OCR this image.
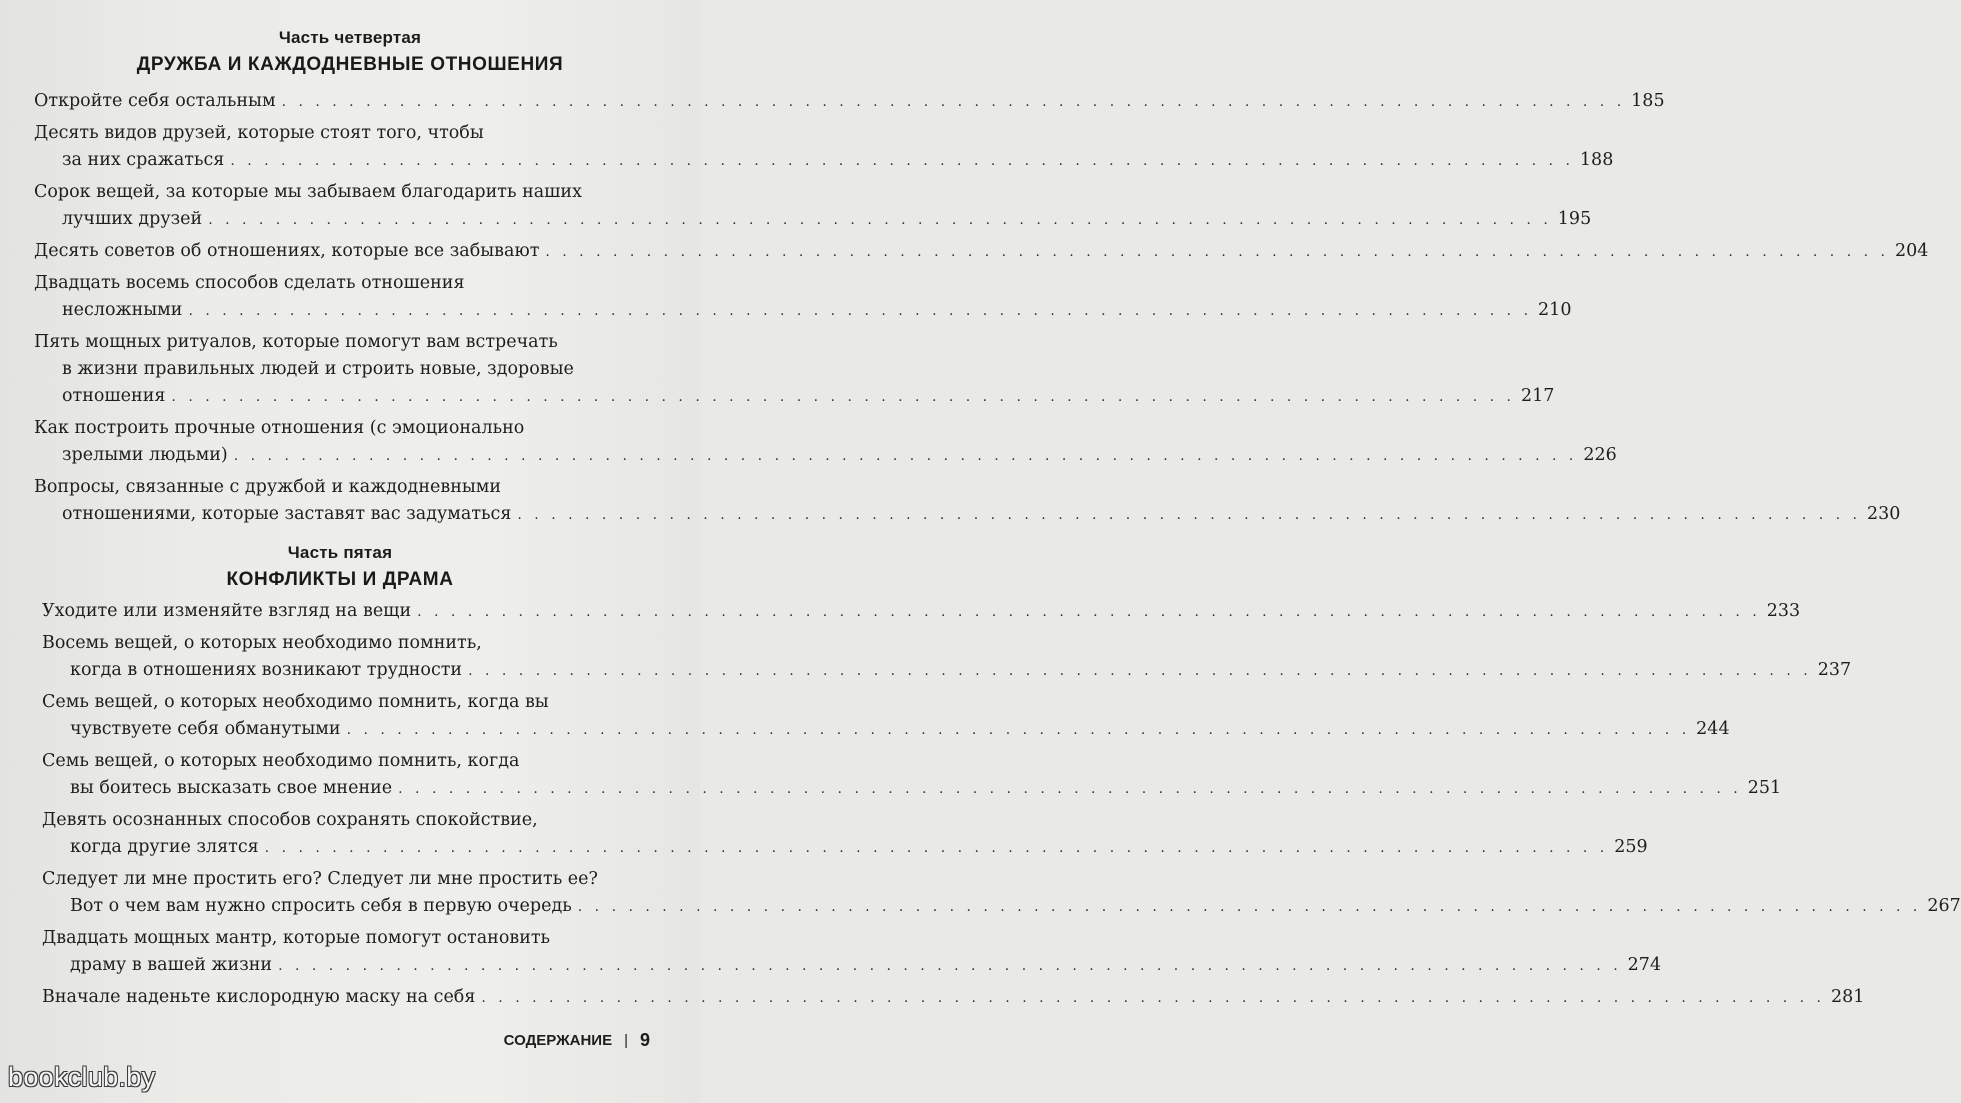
Часть четвертая
ДРУЖБА И КАЖДОДНЕВНЫЕ ОТНОШЕНИЯ
Откройте себя остальным . . . . . . . . . . . . . . . . . . . . . . . . . . . . . . . . . . . . . . . . . . . . . . . . . . . . . . . . . . . . . . . . . . . . . . . . . . . . . . . . 185
Десять видов друзей, которые стоят того, чтобы
за них сражаться . . . . . . . . . . . . . . . . . . . . . . . . . . . . . . . . . . . . . . . . . . . . . . . . . . . . . . . . . . . . . . . . . . . . . . . . . . . . . . . . 188
Сорок вещей, за которые мы забываем благодарить наших
лучших друзей . . . . . . . . . . . . . . . . . . . . . . . . . . . . . . . . . . . . . . . . . . . . . . . . . . . . . . . . . . . . . . . . . . . . . . . . . . . . . . . . 195
Десять советов об отношениях, которые все забывают . . . . . . . . . . . . . . . . . . . . . . . . . . . . . . . . . . . . . . . . . . . . . . . . . . . . . . . . . . . . . . . . . . . . . . . . . . . . . . . . 204
Двадцать восемь способов сделать отношения
несложными . . . . . . . . . . . . . . . . . . . . . . . . . . . . . . . . . . . . . . . . . . . . . . . . . . . . . . . . . . . . . . . . . . . . . . . . . . . . . . . . 210
Пять мощных ритуалов, которые помогут вам встречать
в жизни правильных людей и строить новые, здоровые
отношения . . . . . . . . . . . . . . . . . . . . . . . . . . . . . . . . . . . . . . . . . . . . . . . . . . . . . . . . . . . . . . . . . . . . . . . . . . . . . . . . 217
Как построить прочные отношения (с эмоционально
зрелыми людьми) . . . . . . . . . . . . . . . . . . . . . . . . . . . . . . . . . . . . . . . . . . . . . . . . . . . . . . . . . . . . . . . . . . . . . . . . . . . . . . . . 226
Вопросы, связанные с дружбой и каждодневными
отношениями, которые заставят вас задуматься . . . . . . . . . . . . . . . . . . . . . . . . . . . . . . . . . . . . . . . . . . . . . . . . . . . . . . . . . . . . . . . . . . . . . . . . . . . . . . . . 230
Часть пятая
КОНФЛИКТЫ И ДРАМА
Уходите или изменяйте взгляд на вещи . . . . . . . . . . . . . . . . . . . . . . . . . . . . . . . . . . . . . . . . . . . . . . . . . . . . . . . . . . . . . . . . . . . . . . . . . . . . . . . . 233
Восемь вещей, о которых необходимо помнить,
когда в отношениях возникают трудности . . . . . . . . . . . . . . . . . . . . . . . . . . . . . . . . . . . . . . . . . . . . . . . . . . . . . . . . . . . . . . . . . . . . . . . . . . . . . . . . 237
Семь вещей, о которых необходимо помнить, когда вы
чувствуете себя обманутыми . . . . . . . . . . . . . . . . . . . . . . . . . . . . . . . . . . . . . . . . . . . . . . . . . . . . . . . . . . . . . . . . . . . . . . . . . . . . . . . . 244
Семь вещей, о которых необходимо помнить, когда
вы боитесь высказать свое мнение . . . . . . . . . . . . . . . . . . . . . . . . . . . . . . . . . . . . . . . . . . . . . . . . . . . . . . . . . . . . . . . . . . . . . . . . . . . . . . . . 251
Девять осознанных способов сохранять спокойствие,
когда другие злятся . . . . . . . . . . . . . . . . . . . . . . . . . . . . . . . . . . . . . . . . . . . . . . . . . . . . . . . . . . . . . . . . . . . . . . . . . . . . . . . . 259
Следует ли мне простить его? Следует ли мне простить ее?
Вот о чем вам нужно спросить себя в первую очередь . . . . . . . . . . . . . . . . . . . . . . . . . . . . . . . . . . . . . . . . . . . . . . . . . . . . . . . . . . . . . . . . . . . . . . . . . . . . . . . . 267
Двадцать мощных мантр, которые помогут остановить
драму в вашей жизни . . . . . . . . . . . . . . . . . . . . . . . . . . . . . . . . . . . . . . . . . . . . . . . . . . . . . . . . . . . . . . . . . . . . . . . . . . . . . . . . 274
Вначале наденьте кислородную маску на себя . . . . . . . . . . . . . . . . . . . . . . . . . . . . . . . . . . . . . . . . . . . . . . . . . . . . . . . . . . . . . . . . . . . . . . . . . . . . . . . . 281
СОДЕРЖАНИЕ | 9
bookclub.by
